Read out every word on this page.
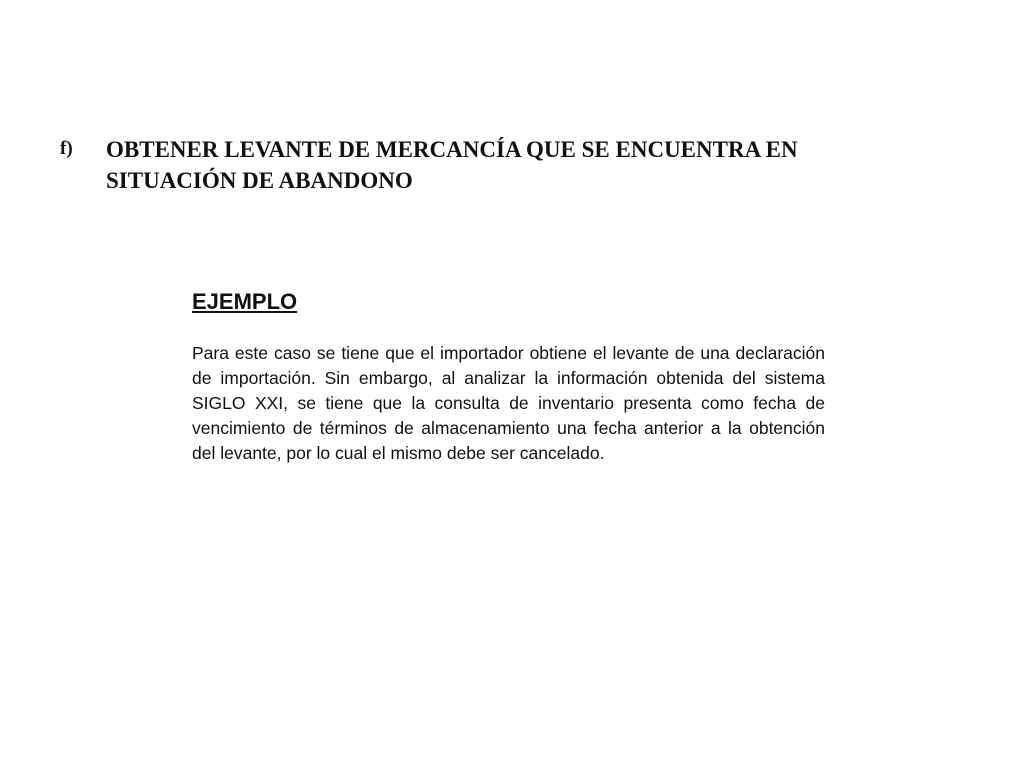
f)	OBTENER LEVANTE DE MERCANCÍA QUE SE ENCUENTRA EN SITUACIÓN DE ABANDONO
EJEMPLO

Para este caso se tiene que el importador obtiene el levante de una declaración de importación. Sin embargo, al analizar la información obtenida del sistema SIGLO XXI, se tiene que la consulta de inventario presenta como fecha de vencimiento de términos de almacenamiento una fecha anterior a la obtención del levante, por lo cual el mismo debe ser cancelado.
